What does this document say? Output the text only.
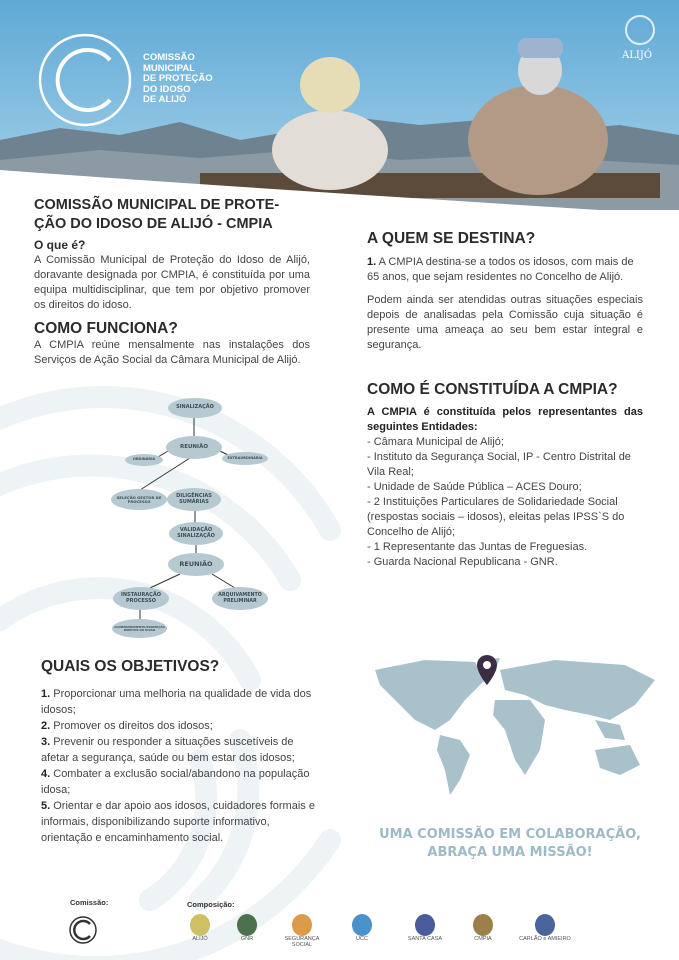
COMISSÃO
MUNICIPAL
DE PROTEÇÃO
DO IDOSO
DE ALIJÓ
ALIJÓ
COMISSÃO MUNICIPAL DE PROTE-
ÇÃO DO IDOSO DE ALIJÓ - CMPIA
O que é?
A Comissão Municipal de Proteção do Idoso de Alijó, doravante designada por CMPIA, é constituída por uma equipa multidisciplinar, que tem por objetivo promover os direitos do idoso.
COMO FUNCIONA?
A CMPIA reúne mensalmente nas instalações dos Serviços de Ação Social da Câmara Municipal de Alijó.
SINALIZAÇÃO
REUNIÃO
ORDINÁRIA	EXTRAORDINÁRIA
SELEÇÃO GESTOR DE PROCESSO
DILIGÊNCIAS SUMÁRIAS
VALIDAÇÃO SINALIZAÇÃO
REUNIÃO
INSTAURAÇÃO PROCESSO
ARQUIVAMENTO PRELIMINAR
ACOMPANHAMENTO/PROMOÇÃO DIREITOS DO IDOSO
A QUEM SE DESTINA?
1. A CMPIA destina-se a todos os idosos, com mais de 65 anos, que sejam residentes no Concelho de Alijó.
Podem ainda ser atendidas outras situações especiais depois de analisadas pela Comissão cuja situação é presente uma ameaça ao seu bem estar integral e segurança.
COMO É CONSTITUÍDA A CMPIA?
A CMPIA é constituída pelos representantes das seguintes Entidades:
- Câmara Municipal de Alijó;
- Instituto da Segurança Social, IP - Centro Distrital de Vila Real;
- Unidade de Saúde Pública – ACES Douro;
- 2 Instituições Particulares de Solidariedade Social (respostas sociais – idosos), eleitas pelas IPSS`S do Concelho de Alijó;
- 1 Representante das Juntas de Freguesias.
- Guarda Nacional Republicana - GNR.
QUAIS OS OBJETIVOS?
1. Proporcionar uma melhoria na qualidade de vida dos idosos;
2. Promover os direitos dos idosos;
3. Prevenir ou responder a situações suscetíveis de afetar a segurança, saúde ou bem estar dos idosos;
4. Combater a exclusão social/abandono na população idosa;
5. Orientar e dar apoio aos idosos, cuidadores formais e informais, disponibilizando suporte informativo, orientação e encaminhamento social.	UMA COMISSÃO EM COLABORAÇÃO,
ABRAÇA UMA MISSÃO!
Comissão:	Composição:
ALIJÓ	GNR	SEGURANÇA SOCIAL
UCC	SANTA CASA	CMPIA	CARLÃO e AMIEIRO
